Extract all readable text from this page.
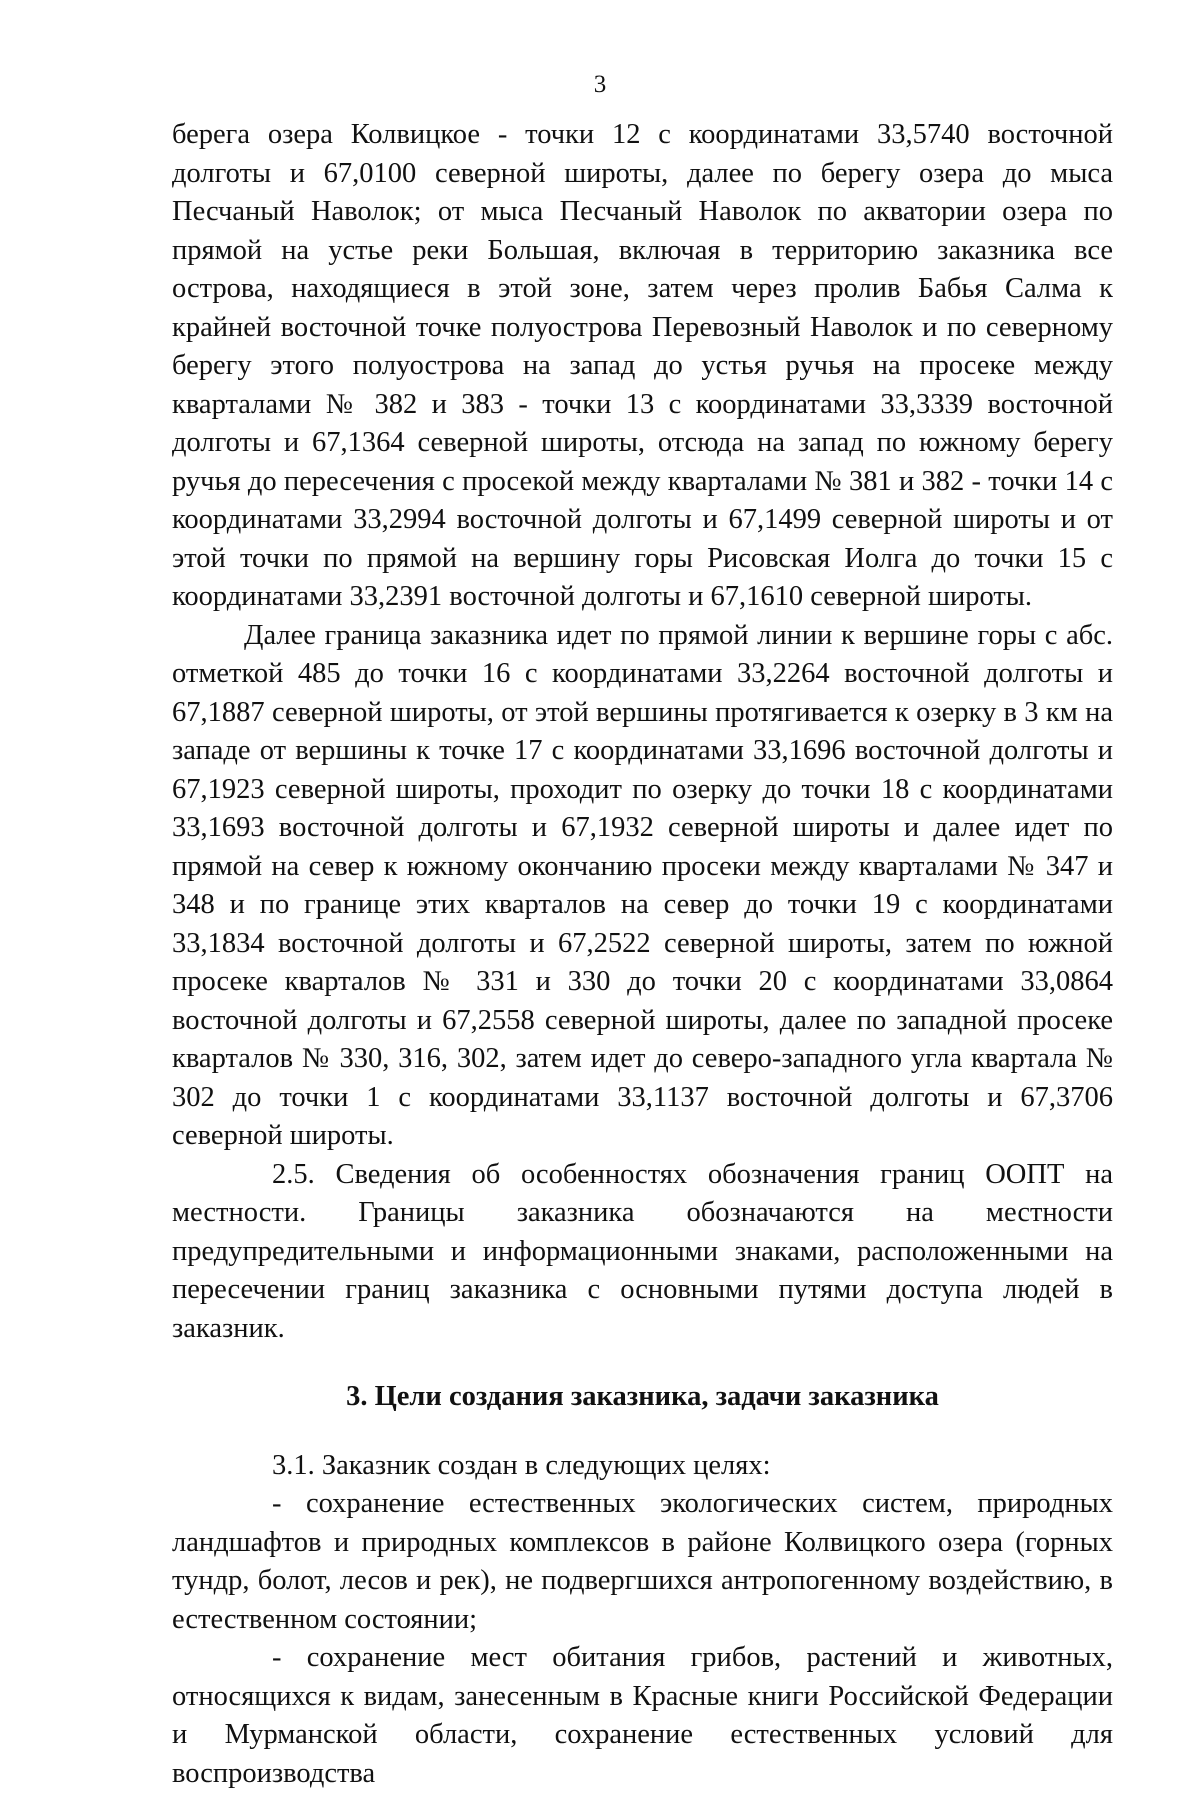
3

берега озера Колвицкое - точки 12 с координатами 33,5740 восточной долготы и 67,0100 северной широты, далее по берегу озера до мыса Песчаный Наволок; от мыса Песчаный Наволок по акватории озера по прямой на устье реки Большая, включая в территорию заказника все острова, находящиеся в этой зоне, затем через пролив Бабья Салма к крайней восточной точке полуострова Перевозный Наволок и по северному берегу этого полуострова на запад до устья ручья на просеке между кварталами № 382 и 383 - точки 13 с координатами 33,3339 восточной долготы и 67,1364 северной широты, отсюда на запад по южному берегу ручья до пересечения с просекой между кварталами № 381 и 382 - точки 14 с координатами 33,2994 восточной долготы и 67,1499 северной широты и от этой точки по прямой на вершину горы Рисовская Иолга до точки 15 с координатами 33,2391 восточной долготы и 67,1610 северной широты.

Далее граница заказника идет по прямой линии к вершине горы с абс. отметкой 485 до точки 16 с координатами 33,2264 восточной долготы и 67,1887 северной широты, от этой вершины протягивается к озерку в 3 км на западе от вершины к точке 17 с координатами 33,1696 восточной долготы и 67,1923 северной широты, проходит по озерку до точки 18 с координатами 33,1693 восточной долготы и 67,1932 северной широты и далее идет по прямой на север к южному окончанию просеки между кварталами № 347 и 348 и по границе этих кварталов на север до точки 19 с координатами 33,1834 восточной долготы и 67,2522 северной широты, затем по южной просеке кварталов № 331 и 330 до точки 20 с координатами 33,0864 восточной долготы и 67,2558 северной широты, далее по западной просеке кварталов № 330, 316, 302, затем идет до северо-западного угла квартала № 302 до точки 1 с координатами 33,1137 восточной долготы и 67,3706 северной широты.

2.5. Сведения об особенностях обозначения границ ООПТ на местности. Границы заказника обозначаются на местности предупредительными и информационными знаками, расположенными на пересечении границ заказника с основными путями доступа людей в заказник.

3. Цели создания заказника, задачи заказника

3.1. Заказник создан в следующих целях:

- сохранение естественных экологических систем, природных ландшафтов и природных комплексов в районе Колвицкого озера (горных тундр, болот, лесов и рек), не подвергшихся антропогенному воздействию, в естественном состоянии;

- сохранение мест обитания грибов, растений и животных, относящихся к видам, занесенным в Красные книги Российской Федерации и Мурманской области, сохранение естественных условий для воспроизводства
